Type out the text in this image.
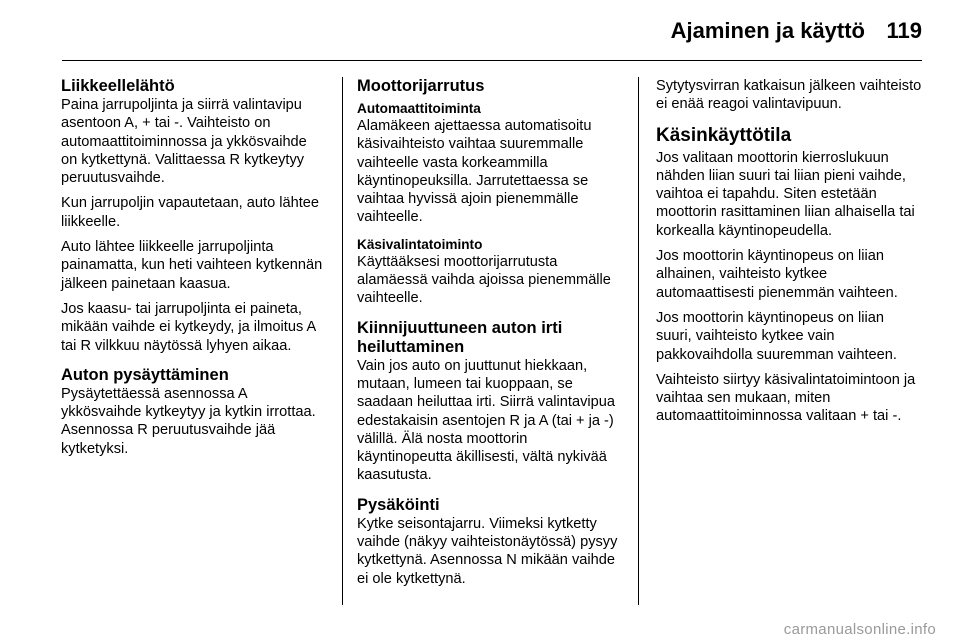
Ajaminen ja käyttö 119
Liikkeellelähtö

Paina jarrupoljinta ja siirrä valintavipu asentoon A, + tai -. Vaihteisto on automaattitoiminnossa ja ykkösvaihde on kytkettynä. Valittaessa R kytkeytyy peruutusvaihde.

Kun jarrupoljin vapautetaan, auto lähtee liikkeelle.

Auto lähtee liikkeelle jarrupoljinta painamatta, kun heti vaihteen kytkennän jälkeen painetaan kaasua.

Jos kaasu- tai jarrupoljinta ei paineta, mikään vaihde ei kytkeydy, ja ilmoitus A tai R vilkkuu näytössä lyhyen aikaa.

Auton pysäyttäminen

Pysäytettäessä asennossa A ykkösvaihde kytkeytyy ja kytkin irrottaa. Asennossa R peruutusvaihde jää kytketyksi.

Moottorijarrutus
Automaattitoiminta

Alamäkeen ajettaessa automatisoitu käsivaihteisto vaihtaa suuremmalle vaihteelle vasta korkeammilla käyntinopeuksilla. Jarrutettaessa se vaihtaa hyvissä ajoin pienemmälle vaihteelle.

Käsivalintatoiminto

Käyttääksesi moottorijarrutusta alamäessä vaihda ajoissa pienemmälle vaihteelle.

Kiinnijuuttuneen auton irti heiluttaminen

Vain jos auto on juuttunut hiekkaan, mutaan, lumeen tai kuoppaan, se saadaan heiluttaa irti. Siirrä valintavipua edestakaisin asentojen R ja A (tai + ja -) välillä. Älä nosta moottorin käyntinopeutta äkillisesti, vältä nykivää kaasutusta.

Pysäköinti

Kytke seisontajarru. Viimeksi kytketty vaihde (näkyy vaihteistonäytössä) pysyy kytkettynä. Asennossa N mikään vaihde ei ole kytkettynä.

Sytytysvirran katkaisun jälkeen vaihteisto ei enää reagoi valintavipuun.

Käsinkäyttötila

Jos valitaan moottorin kierroslukuun nähden liian suuri tai liian pieni vaihde, vaihtoa ei tapahdu. Siten estetään moottorin rasittaminen liian alhaisella tai korkealla käyntinopeudella.

Jos moottorin käyntinopeus on liian alhainen, vaihteisto kytkee automaattisesti pienemmän vaihteen.

Jos moottorin käyntinopeus on liian suuri, vaihteisto kytkee vain pakkovaihdolla suuremman vaihteen.

Vaihteisto siirtyy käsivalintatoimintoon ja vaihtaa sen mukaan, miten automaattitoiminnossa valitaan + tai -.

carmanualsonline.info
